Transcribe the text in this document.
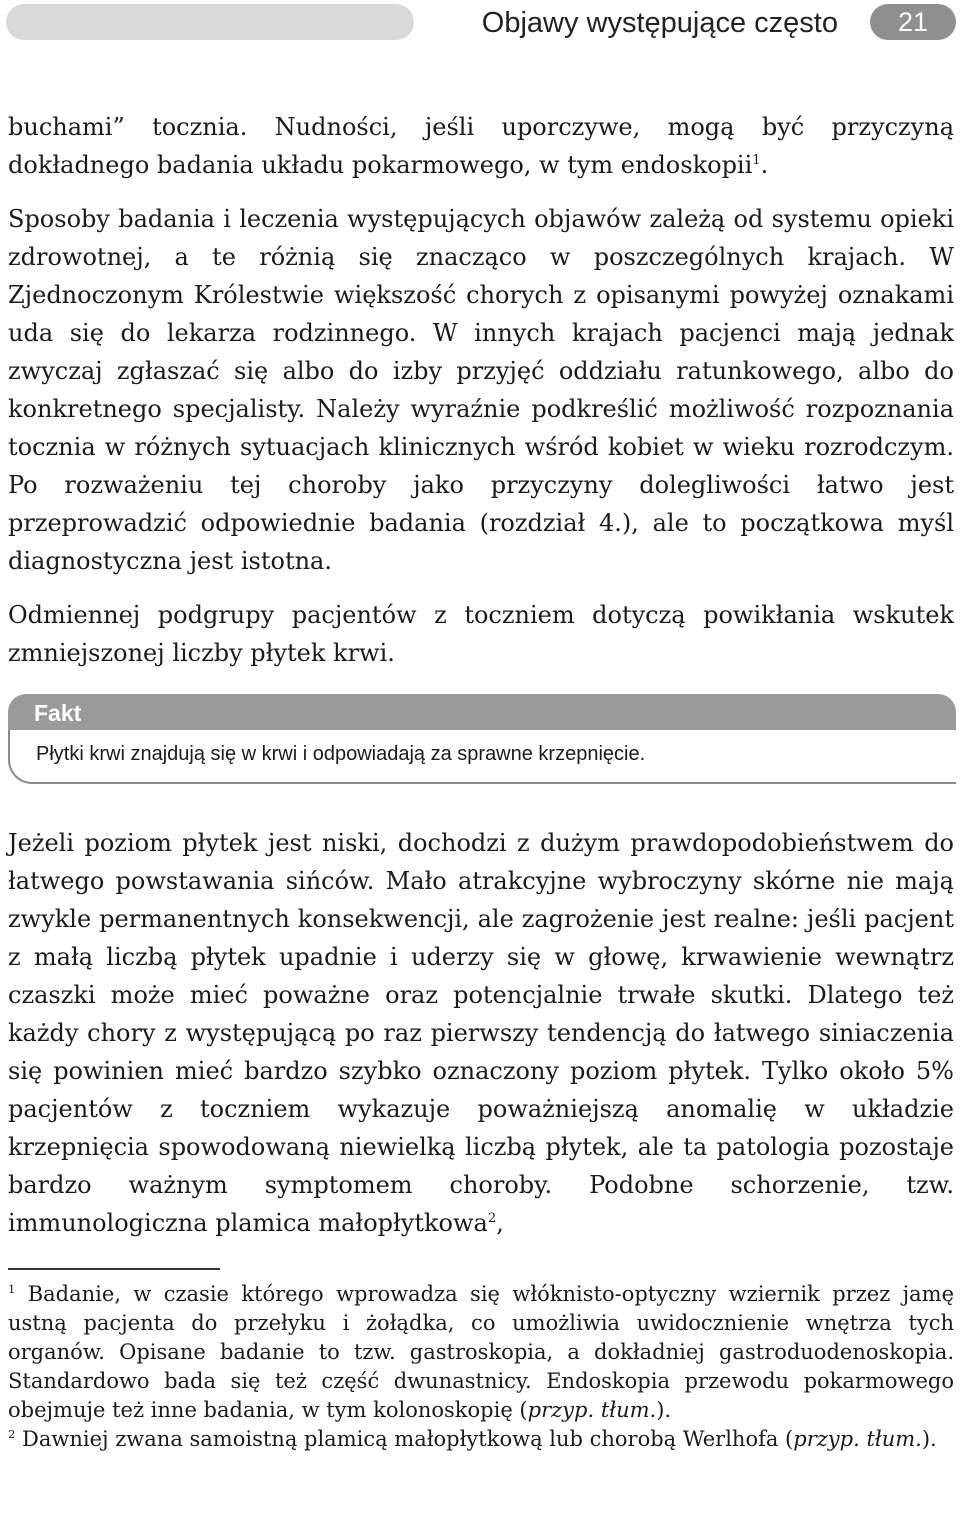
Objawy występujące często	21

buchami” tocznia. Nudności, jeśli uporczywe, mogą być przyczyną dokładnego badania układu pokarmowego, w tym endoskopii$^1$.

Sposoby badania i leczenia występujących objawów zależą od systemu opieki zdrowotnej, a te różnią się znacząco w poszczególnych krajach. W Zjednoczonym Królestwie większość chorych z opisanymi powyżej oznakami uda się do lekarza rodzinnego. W innych krajach pacjenci mają jednak zwyczaj zgłaszać się albo do izby przyjęć oddziału ratunkowego, albo do konkretnego specjalisty. Należy wyraźnie podkreślić możliwość rozpoznania tocznia w różnych sytuacjach klinicznych wśród kobiet w wieku rozrodczym. Po rozważeniu tej choroby jako przyczyny dolegliwości łatwo jest przeprowadzić odpowiednie badania (rozdział 4.), ale to początkowa myśl diagnostyczna jest istotna.

Odmiennej podgrupy pacjentów z toczniem dotyczą powikłania wskutek zmniejszonej liczby płytek krwi.

Fakt
Płytki krwi znajdują się w krwi i odpowiadają za sprawne krzepnięcie.

Jeżeli poziom płytek jest niski, dochodzi z dużym prawdopodobieństwem do łatwego powstawania sińców. Mało atrakcyjne wybroczyny skórne nie mają zwykle permanentnych konsekwencji, ale zagrożenie jest realne: jeśli pacjent z małą liczbą płytek upadnie i uderzy się w głowę, krwawienie wewnątrz czaszki może mieć poważne oraz potencjalnie trwałe skutki. Dlatego też każdy chory z występującą po raz pierwszy tendencją do łatwego siniaczenia się powinien mieć bardzo szybko oznaczony poziom płytek. Tylko około 5% pacjentów z toczniem wykazuje poważniejszą anomalię w układzie krzepnięcia spowodowaną niewielką liczbą płytek, ale ta patologia pozostaje bardzo ważnym symptomem choroby. Podobne schorzenie, tzw. immunologiczna plamica małopłytkowa$^2$,

$^1$ Badanie, w czasie którego wprowadza się włóknisto-optyczny wziernik przez jamę ustną pacjenta do przełyku i żołądka, co umożliwia uwidocznienie wnętrza tych organów. Opisane badanie to tzw. gastroskopia, a dokładniej gastroduodenoskopia. Standardowo bada się też część dwunastnicy. Endoskopia przewodu pokarmowego obejmuje też inne badania, w tym kolonoskopię (przyp. tłum.).

$^2$ Dawniej zwana samoistną plamicą małopłytkową lub chorobą Werlhofa (przyp. tłum.).
